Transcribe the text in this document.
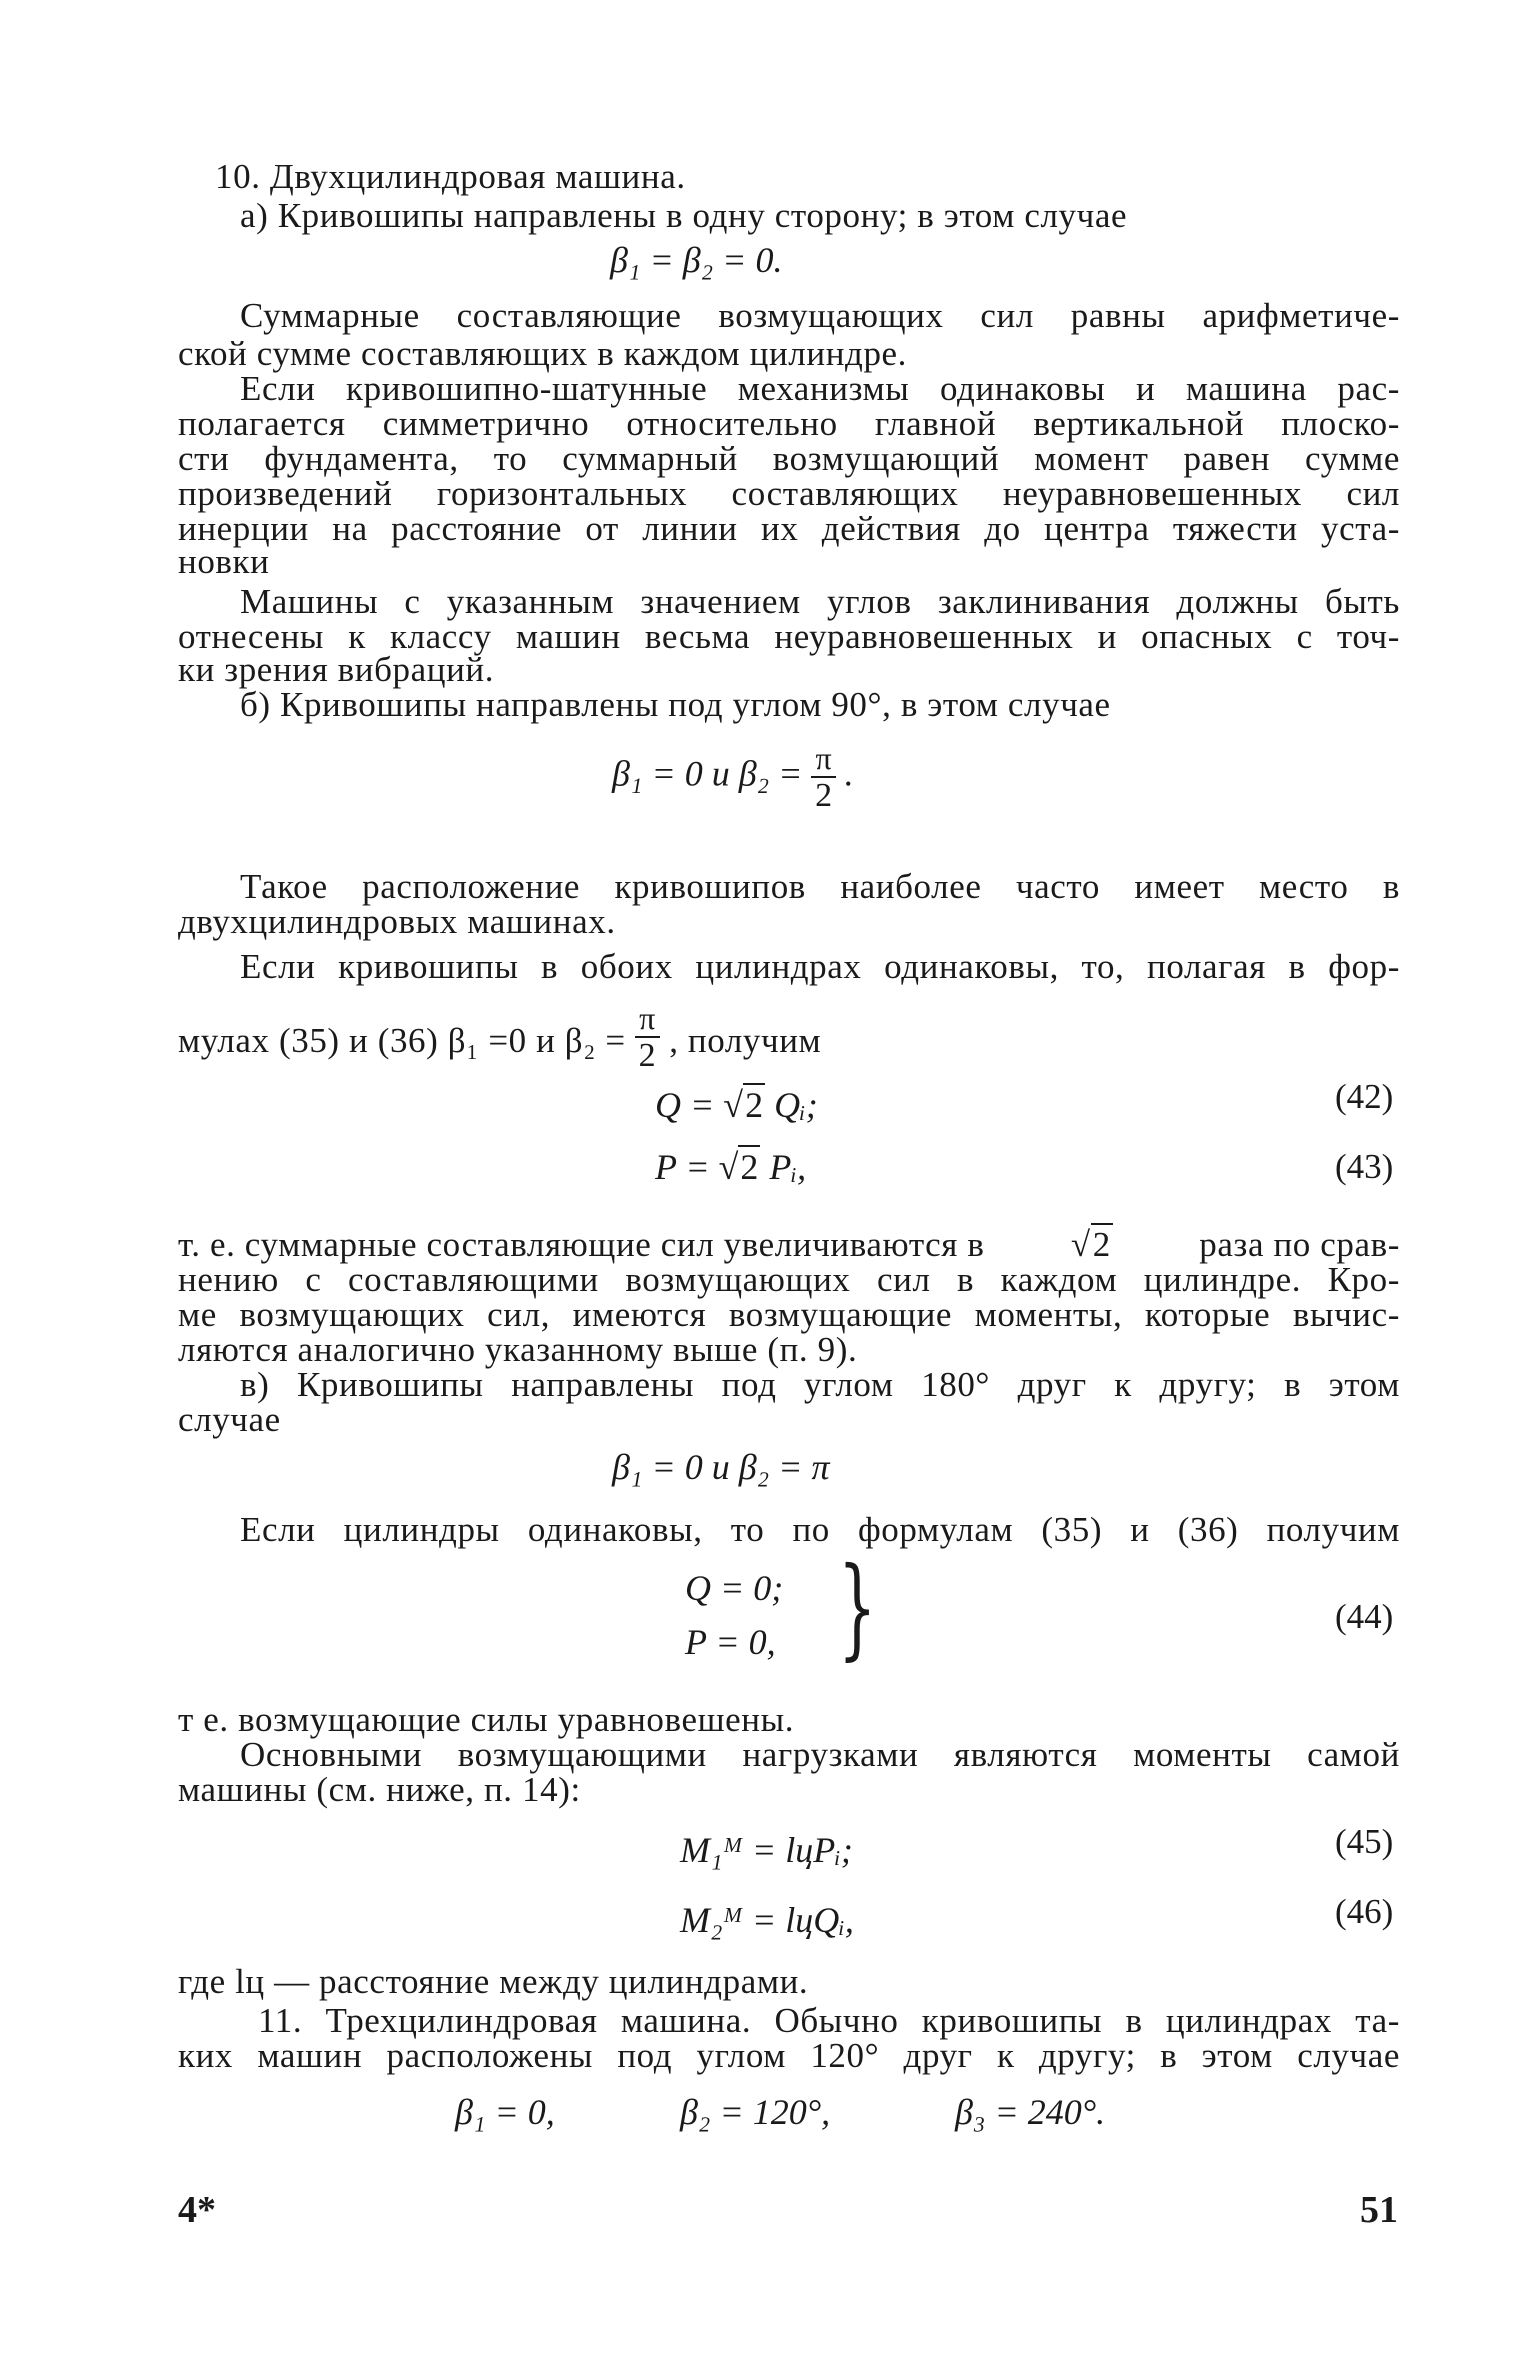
10. Двухцилиндровая машина.
а) Кривошипы направлены в одну сторону; в этом случае
β₁ = β₂ = 0.
Суммарные составляющие возмущающих сил равны арифметиче-
ской сумме составляющих в каждом цилиндре.
Если кривошипно-шатунные механизмы одинаковы и машина рас-
полагается симметрично относительно главной вертикальной плоско-
сти фундамента, то суммарный возмущающий момент равен сумме
произведений горизонтальных составляющих неуравновешенных сил
инерции на расстояние от линии их действия до центра тяжести уста-
новки
Машины с указанным значением углов заклинивания должны быть
отнесены к классу машин весьма неуравновешенных и опасных с точ-
ки зрения вибраций.
б) Кривошипы направлены под углом 90°, в этом случае
β₁ = 0 и $\beta_2 = \frac{\pi}{2}$ .
Такое расположение кривошипов наиболее часто имеет место в
двухцилиндровых машинах.
Если кривошипы в обоих цилиндрах одинаковы, то, полагая в фор-
мулах (35) и (36) β₁ =0 и $\beta_2 = \frac{\pi}{2}$ , получим
Q = √2 Qᵢ;	(42)
P = √2 Pᵢ,	(43)
т. е. суммарные составляющие сил увеличиваются в √2	раза по срав-
нению с составляющими возмущающих сил в каждом цилиндре. Кро-
ме возмущающих сил, имеются возмущающие моменты, которые вычис-
ляются аналогично указанному выше (п. 9).
в) Кривошипы направлены под углом 180° друг к другу; в этом
случае
β₁ = 0 и β₂ = π
Если цилиндры одинаковы, то по формулам (35) и (36) получим
Q = 0;
P = 0, }	(44)
т е. возмущающие силы уравновешены.
Основными возмущающими нагрузками являются моменты самой
машины (см. ниже, п. 14):
M₁ᴹ = lцPᵢ;	(45)
M₂ᴹ = lцQᵢ,	(46)
где lц — расстояние между цилиндрами.
11. Трехцилиндровая машина. Обычно кривошипы в цилиндрах та-
ких машин расположены под углом 120° друг к другу; в этом случае
β₁ = 0,	β₂ = 120°,	β₃ = 240°.
4*	51
